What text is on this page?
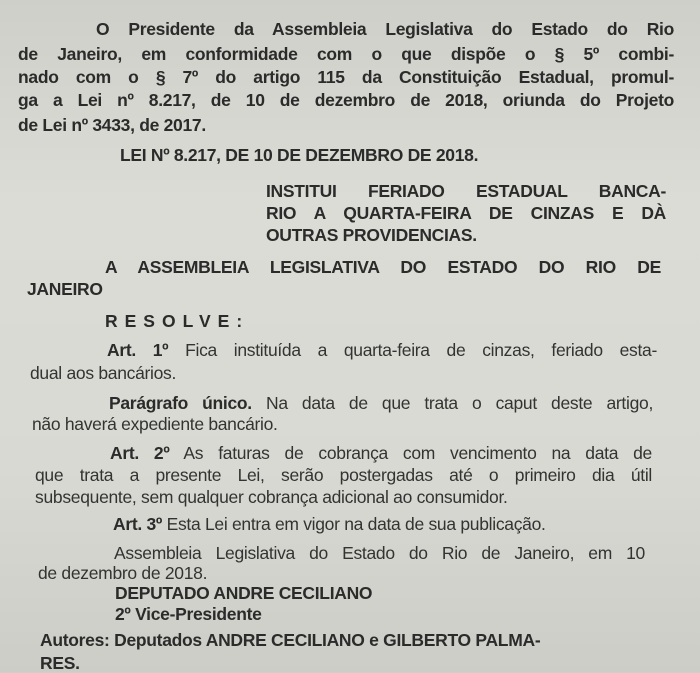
O Presidente da Assembleia Legislativa do Estado do Rio
de Janeiro, em conformidade com o que dispõe o § 5º combi-
nado com o § 7º do artigo 115 da Constituição Estadual, promul-
ga a Lei nº 8.217, de 10 de dezembro de 2018, oriunda do Projeto
de Lei nº 3433, de 2017.
LEI Nº 8.217, DE 10 DE DEZEMBRO DE 2018.
INSTITUI FERIADO ESTADUAL BANCA-
RIO A QUARTA-FEIRA DE CINZAS E DÀ
OUTRAS PROVIDENCIAS.
A ASSEMBLEIA LEGISLATIVA DO ESTADO DO RIO DE
JANEIRO
RESOLVE:
Art. 1º Fica instituída a quarta-feira de cinzas, feriado esta-
dual aos bancários.
Parágrafo único. Na data de que trata o caput deste artigo,
não haverá expediente bancário.
Art. 2º As faturas de cobrança com vencimento na data de
que trata a presente Lei, serão postergadas até o primeiro dia útil
subsequente, sem qualquer cobrança adicional ao consumidor.
Art. 3º Esta Lei entra em vigor na data de sua publicação.
Assembleia Legislativa do Estado do Rio de Janeiro, em 10
de dezembro de 2018.
DEPUTADO ANDRE CECILIANO
2º Vice-Presidente
Autores: Deputados ANDRE CECILIANO e GILBERTO PALMA-
RES.
